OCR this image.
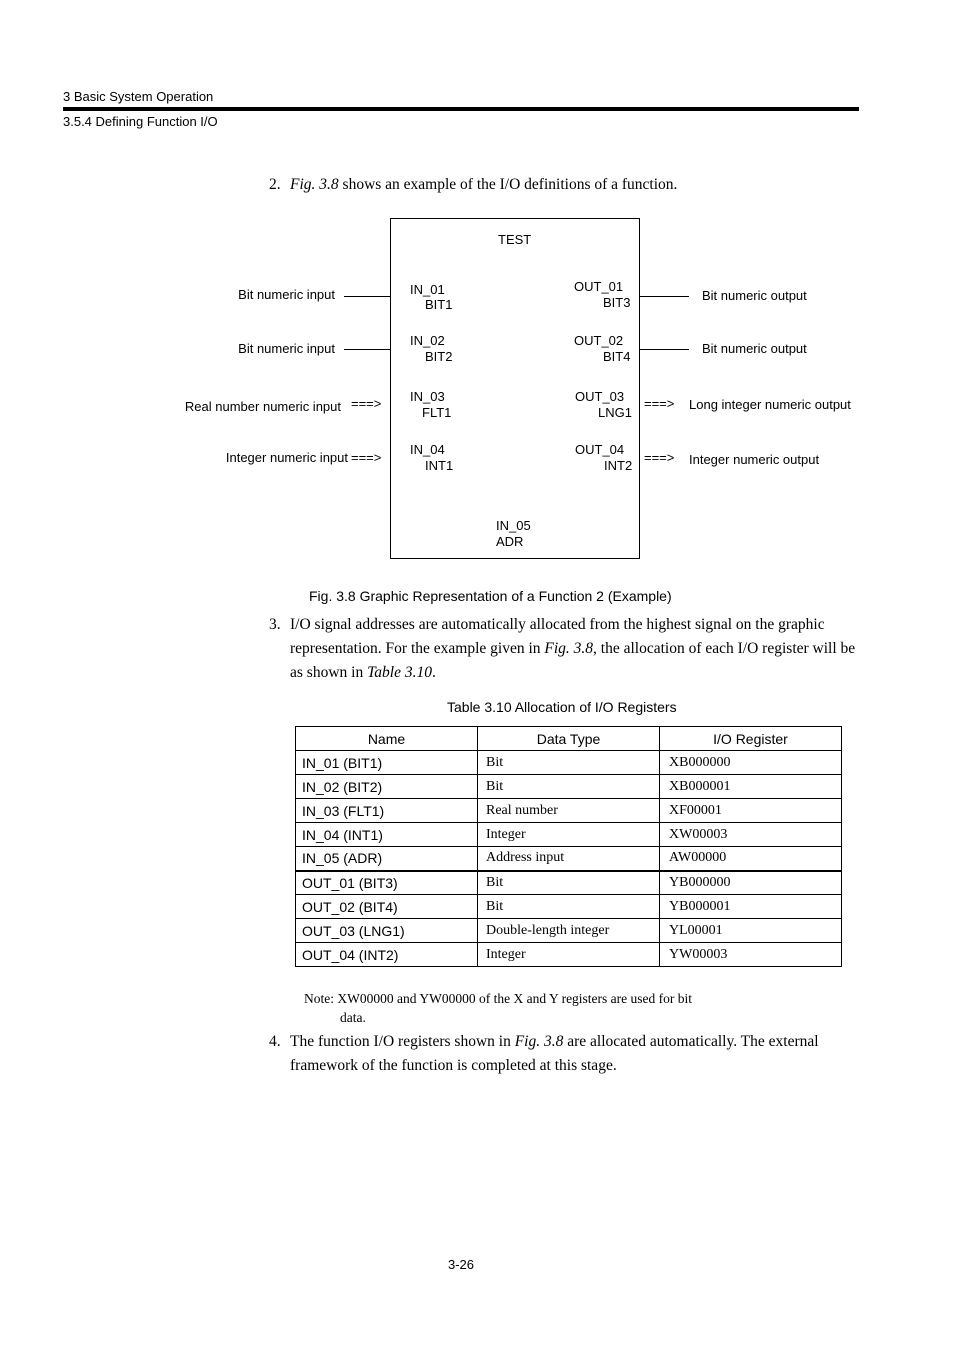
3 Basic System Operation
3.5.4 Defining Function I/O
2. Fig. 3.8 shows an example of the I/O definitions of a function.
TEST
IN_01
BIT1
IN_02
BIT2
IN_03
FLT1
IN_04
INT1
IN_05
ADR
OUT_01
BIT3
OUT_02
BIT4
OUT_03
LNG1
OUT_04
INT2
Bit numeric input
Bit numeric input
Real number numeric input ===>
Integer numeric input ===>
Bit numeric output
Bit numeric output
===> Long integer numeric output
===> Integer numeric output
Fig. 3.8 Graphic Representation of a Function 2 (Example)
3. I/O signal addresses are automatically allocated from the highest signal on the graphic representation. For the example given in Fig. 3.8, the allocation of each I/O register will be as shown in Table 3.10.
Table 3.10 Allocation of I/O Registers
Name	Data Type	I/O Register
IN_01 (BIT1)	Bit	XB000000
IN_02 (BIT2)	Bit	XB000001
IN_03 (FLT1)	Real number	XF00001
IN_04 (INT1)	Integer	XW00003
IN_05 (ADR)	Address input	AW00000
OUT_01 (BIT3)	Bit	YB000000
OUT_02 (BIT4)	Bit	YB000001
OUT_03 (LNG1)	Double-length integer	YL00001
OUT_04 (INT2)	Integer	YW00003
Note: XW00000 and YW00000 of the X and Y registers are used for bit
data.
4. The function I/O registers shown in Fig. 3.8 are allocated automatically. The external framework of the function is completed at this stage.
3-26
